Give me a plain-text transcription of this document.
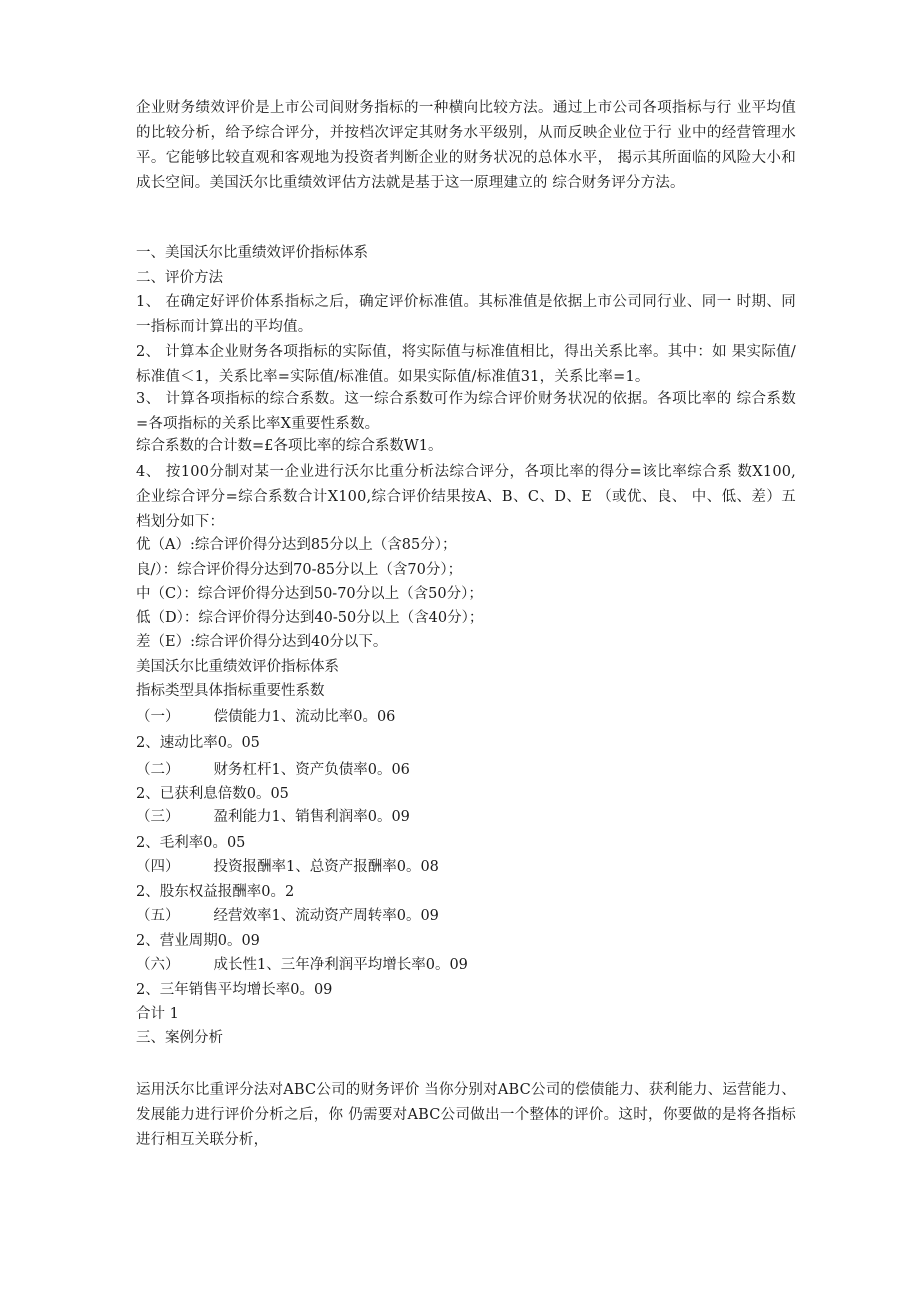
企业财务绩效评价是上市公司间财务指标的一种横向比较方法。通过上市公司各项指标与行 业平均值的比较分析，给予综合评分，并按档次评定其财务水平级别，从而反映企业位于行 业中的经营管理水平。它能够比较直观和客观地为投资者判断企业的财务状况的总体水平， 揭示其所面临的风险大小和成长空间。美国沃尔比重绩效评估方法就是基于这一原理建立的 综合财务评分方法。

一、美国沃尔比重绩效评价指标体系

二、评价方法

1、 在确定好评价体系指标之后，确定评价标准值。其标准值是依据上市公司同行业、同一 时期、同一指标而计算出的平均值。

2、 计算本企业财务各项指标的实际值，将实际值与标准值相比，得出关系比率。其中：如 果实际值/标准值＜1，关系比率=实际值/标准值。如果实际值/标准值31，关系比率=1。

3、 计算各项指标的综合系数。这一综合系数可作为综合评价财务状况的依据。各项比率的 综合系数=各项指标的关系比率X重要性系数。

综合系数的合计数=£各项比率的综合系数W1。

4、 按100分制对某一企业进行沃尔比重分析法综合评分，各项比率的得分=该比率综合系 数X100,企业综合评分=综合系数合计X100,综合评价结果按A、B、C、D、E （或优、良、 中、低、差）五档划分如下：

优（A）:综合评价得分达到85分以上（含85分）；

良/）：综合评价得分达到70-85分以上（含70分）；

中（C）：综合评价得分达到50-70分以上（含50分）；

低（D）：综合评价得分达到40-50分以上（含40分）；

差（E）:综合评价得分达到40分以下。

美国沃尔比重绩效评价指标体系

指标类型具体指标重要性系数

（一） 偿债能力1、流动比率0。06

2、速动比率0。05

（二） 财务杠杆1、资产负债率0。06

2、已获利息倍数0。05

（三） 盈利能力1、销售利润率0。09

2、毛利率0。05

（四） 投资报酬率1、总资产报酬率0。08

2、股东权益报酬率0。2

（五） 经营效率1、流动资产周转率0。09

2、营业周期0。09

（六） 成长性1、三年净利润平均增长率0。09

2、三年销售平均增长率0。09

合计 1

三、案例分析

运用沃尔比重评分法对ABC公司的财务评价 当你分别对ABC公司的偿债能力、获利能力、运营能力、发展能力进行评价分析之后，你 仍需要对ABC公司做出一个整体的评价。这时，你要做的是将各指标进行相互关联分析，
